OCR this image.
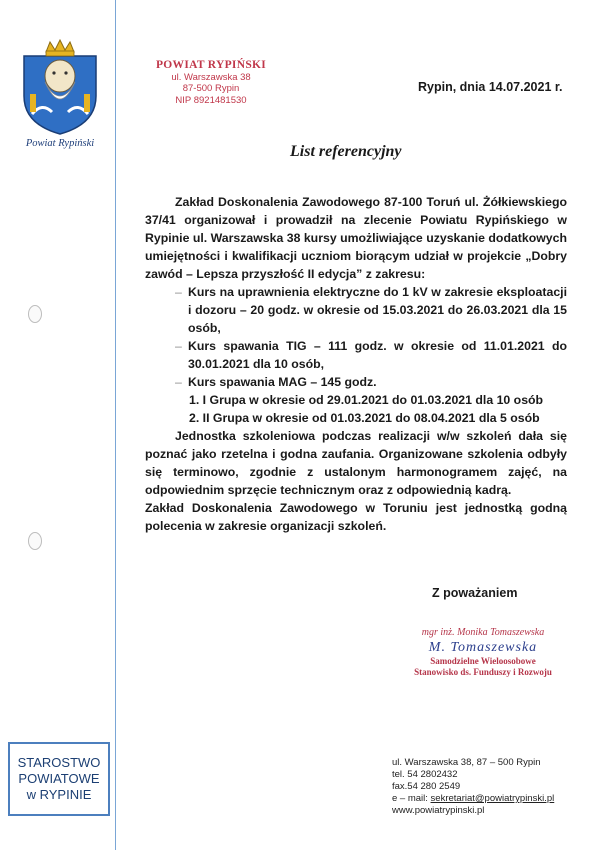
Powiat Rypiński
POWIAT RYPIŃSKI
ul. Warszawska 38
87-500 Rypin
NIP 8921481530
Rypin, dnia 14.07.2021 r.
List referencyjny

Zakład Doskonalenia Zawodowego 87-100 Toruń ul. Żółkiewskiego 37/41 organizował i prowadził na zlecenie Powiatu Rypińskiego w Rypinie ul. Warszawska 38 kursy umożliwiające uzyskanie dodatkowych umiejętności i kwalifikacji uczniom biorącym udział w projekcie „Dobry zawód – Lepsza przyszłość II edycja” z zakresu:

– Kurs na uprawnienia elektryczne do 1 kV w zakresie eksploatacji i dozoru – 20 godz. w okresie od 15.03.2021 do 26.03.2021 dla 15 osób,
– Kurs spawania TIG – 111 godz. w okresie od 11.01.2021 do 30.01.2021 dla 10 osób,
– Kurs spawania MAG – 145 godz.

1. I Grupa w okresie od 29.01.2021 do 01.03.2021 dla 10 osób

2. II Grupa w okresie od 01.03.2021 do 08.04.2021 dla 5 osób

Jednostka szkoleniowa podczas realizacji w/w szkoleń dała się poznać jako rzetelna i godna zaufania. Organizowane szkolenia odbyły się terminowo, zgodnie z ustalonym harmonogramem zajęć, na odpowiednim sprzęcie technicznym oraz z odpowiednią kadrą.

Zakład Doskonalenia Zawodowego w Toruniu jest jednostką godną polecenia w zakresie organizacji szkoleń.

Z poważaniem
mgr inż. Monika Tomaszewska
M. Tomaszewska
Samodzielne Wieloosobowe
Stanowisko ds. Funduszy i Rozwoju
STAROSTWO
POWIATOWE
w RYPINIE
ul. Warszawska 38, 87 – 500 Rypin
tel. 54 2802432
fax.54 280 2549
e – mail: sekretariat@powiatrypinski.pl
www.powiatrypinski.pl
